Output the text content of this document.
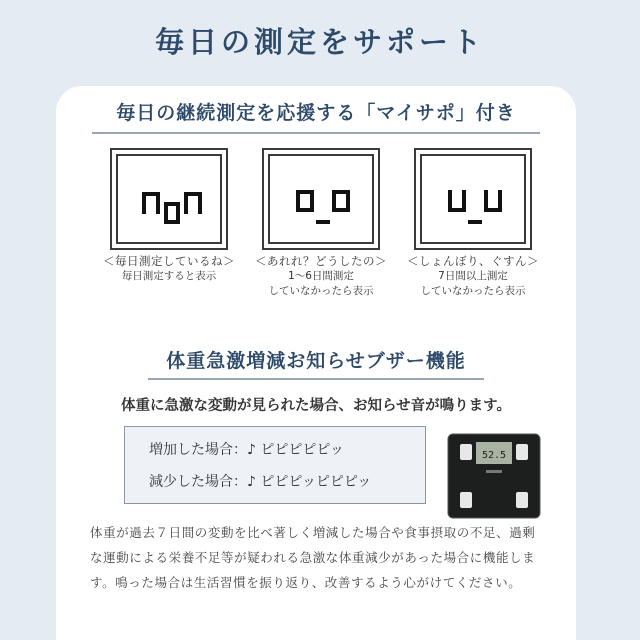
毎日の測定をサポート
毎日の継続測定を応援する「マイサポ」付き
＜毎日測定しているね＞
毎日測定すると表示
＜あれれ？どうしたの＞
1〜6日間測定
していなかったら表示
＜しょんぼり、ぐすん＞
7日間以上測定
していなかったら表示
体重急激増減お知らせブザー機能
体重に急激な変動が見られた場合、お知らせ音が鳴ります。
増加した場合：♪ ピピピピピッ
減少した場合：♪ ピピピッピピピッ
52.5
体重が過去７日間の変動を比べ著しく増減した場合や食事摂取の不足、過剰
な運動による栄養不足等が疑われる急激な体重減少があった場合に機能しま
す。鳴った場合は生活習慣を振り返り、改善するよう心がけてください。
